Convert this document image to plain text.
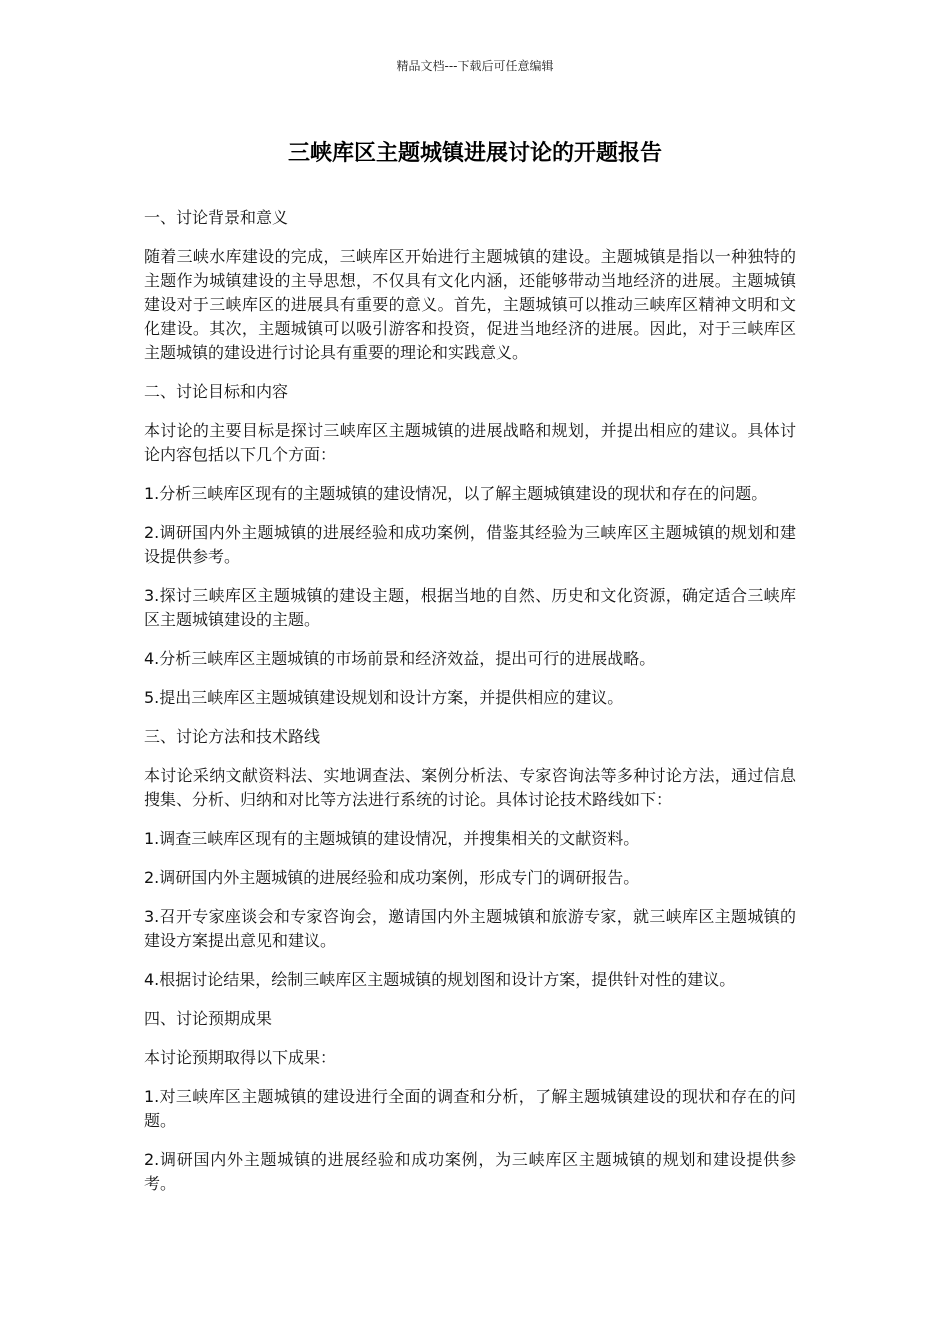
精品文档---下载后可任意编辑
三峡库区主题城镇进展讨论的开题报告

一、讨论背景和意义

随着三峡水库建设的完成，三峡库区开始进行主题城镇的建设。主题城镇是指以一种独特的主题作为城镇建设的主导思想，不仅具有文化内涵，还能够带动当地经济的进展。主题城镇建设对于三峡库区的进展具有重要的意义。首先，主题城镇可以推动三峡库区精神文明和文化建设。其次，主题城镇可以吸引游客和投资，促进当地经济的进展。因此，对于三峡库区主题城镇的建设进行讨论具有重要的理论和实践意义。

二、讨论目标和内容

本讨论的主要目标是探讨三峡库区主题城镇的进展战略和规划，并提出相应的建议。具体讨论内容包括以下几个方面：

1.分析三峡库区现有的主题城镇的建设情况，以了解主题城镇建设的现状和存在的问题。

2.调研国内外主题城镇的进展经验和成功案例，借鉴其经验为三峡库区主题城镇的规划和建设提供参考。

3.探讨三峡库区主题城镇的建设主题，根据当地的自然、历史和文化资源，确定适合三峡库区主题城镇建设的主题。

4.分析三峡库区主题城镇的市场前景和经济效益，提出可行的进展战略。

5.提出三峡库区主题城镇建设规划和设计方案，并提供相应的建议。

三、讨论方法和技术路线

本讨论采纳文献资料法、实地调查法、案例分析法、专家咨询法等多种讨论方法，通过信息搜集、分析、归纳和对比等方法进行系统的讨论。具体讨论技术路线如下：

1.调查三峡库区现有的主题城镇的建设情况，并搜集相关的文献资料。

2.调研国内外主题城镇的进展经验和成功案例，形成专门的调研报告。

3.召开专家座谈会和专家咨询会，邀请国内外主题城镇和旅游专家，就三峡库区主题城镇的建设方案提出意见和建议。

4.根据讨论结果，绘制三峡库区主题城镇的规划图和设计方案，提供针对性的建议。

四、讨论预期成果

本讨论预期取得以下成果：

1.对三峡库区主题城镇的建设进行全面的调查和分析，了解主题城镇建设的现状和存在的问题。

2.调研国内外主题城镇的进展经验和成功案例，为三峡库区主题城镇的规划和建设提供参考。
